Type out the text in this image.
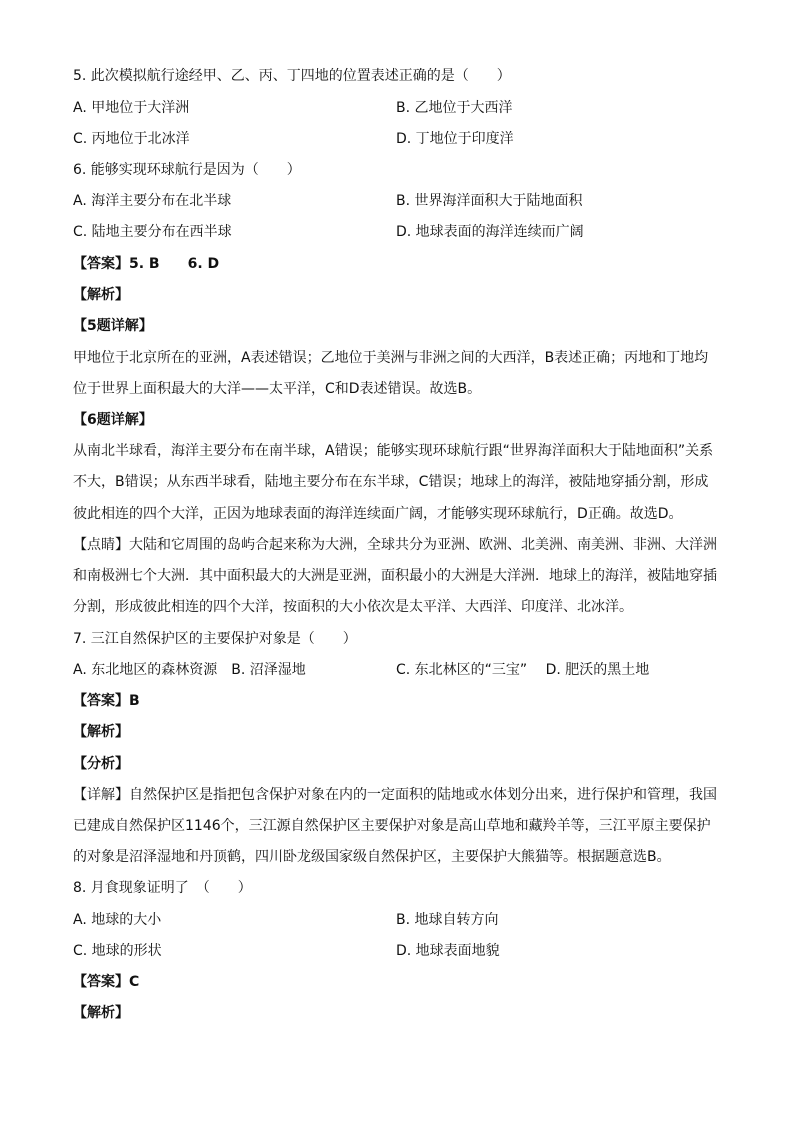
5. 此次模拟航行途经甲、乙、丙、丁四地的位置表述正确的是（　　）
A. 甲地位于大洋洲	B. 乙地位于大西洋
C. 丙地位于北冰洋	D. 丁地位于印度洋
6. 能够实现环球航行是因为（　　）
A. 海洋主要分布在北半球	B. 世界海洋面积大于陆地面积
C. 陆地主要分布在西半球	D. 地球表面的海洋连续而广阔
【答案】5. B　　6. D
【解析】
【5题详解】
甲地位于北京所在的亚洲，A表述错误；乙地位于美洲与非洲之间的大西洋，B表述正确；丙地和丁地均
位于世界上面积最大的大洋——太平洋，C和D表述错误。故选B。
【6题详解】
从南北半球看，海洋主要分布在南半球，A错误；能够实现环球航行跟“世界海洋面积大于陆地面积”关系
不大，B错误；从东西半球看，陆地主要分布在东半球，C错误；地球上的海洋，被陆地穿插分割，形成
彼此相连的四个大洋，正因为地球表面的海洋连续面广阔，才能够实现环球航行，D正确。故选D。
【点睛】大陆和它周围的岛屿合起来称为大洲，全球共分为亚洲、欧洲、北美洲、南美洲、非洲、大洋洲
和南极洲七个大洲．其中面积最大的大洲是亚洲，面积最小的大洲是大洋洲．地球上的海洋，被陆地穿插
分割，形成彼此相连的四个大洋，按面积的大小依次是太平洋、大西洋、印度洋、北冰洋。
7. 三江自然保护区的主要保护对象是（　　）
A. 东北地区的森林资源　B. 沼泽湿地	C. 东北林区的“三宝”　 D. 肥沃的黑土地
【答案】B
【解析】
【分析】
【详解】自然保护区是指把包含保护对象在内的一定面积的陆地或水体划分出来，进行保护和管理，我国
已建成自然保护区1146个，三江源自然保护区主要保护对象是高山草地和藏羚羊等，三江平原主要保护
的对象是沼泽湿地和丹顶鹤，四川卧龙级国家级自然保护区，主要保护大熊猫等。根据题意选B。
8. 月食现象证明了　（　　）
A. 地球的大小	B. 地球自转方向
C. 地球的形状	D. 地球表面地貌
【答案】C
【解析】
